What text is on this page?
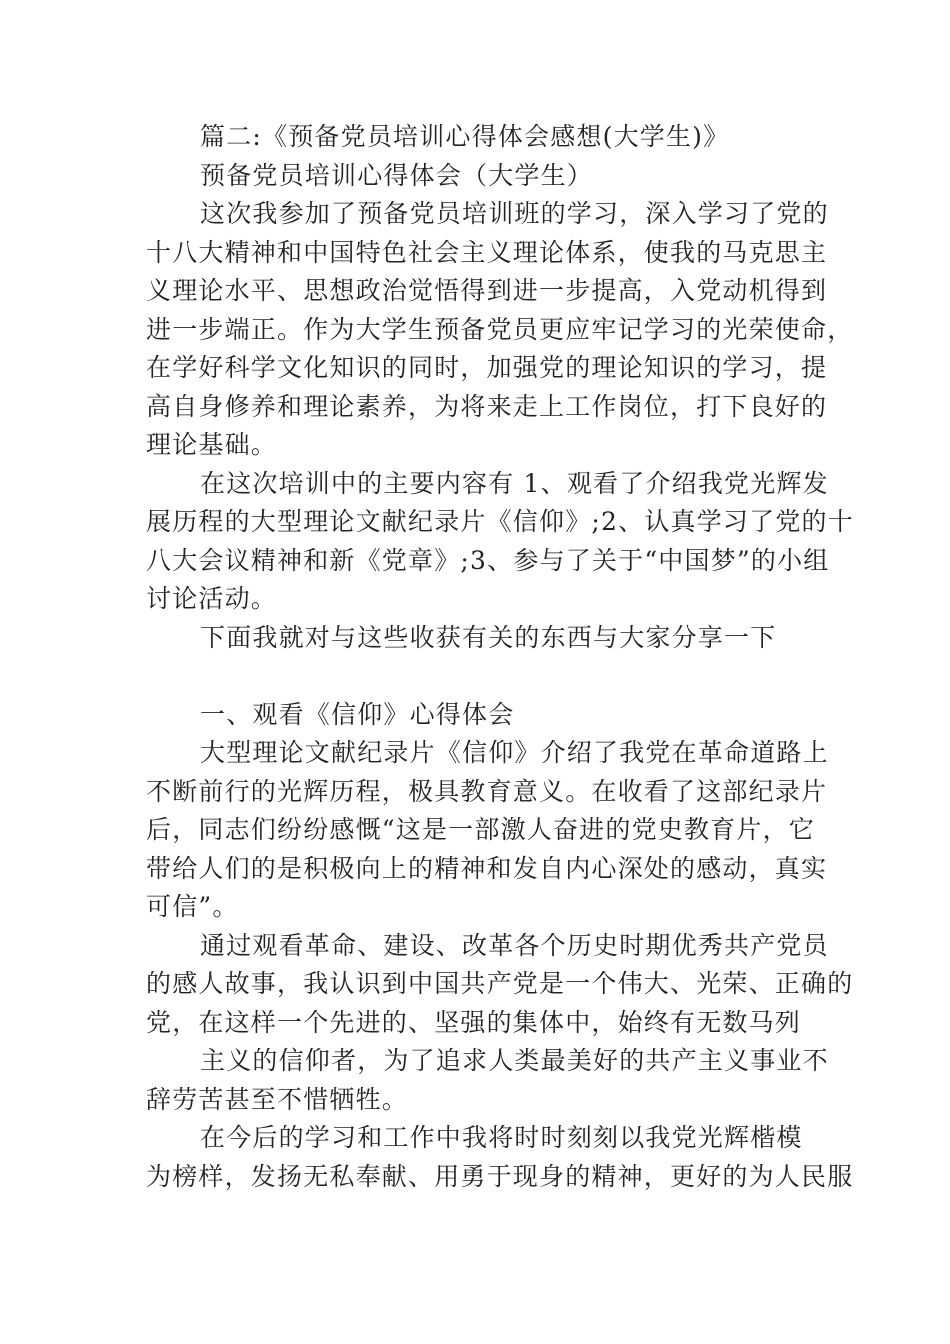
篇二:《预备党员培训心得体会感想(大学生)》
预备党员培训心得体会（大学生）
这次我参加了预备党员培训班的学习，深入学习了党的
十八大精神和中国特色社会主义理论体系，使我的马克思主
义理论水平、思想政治觉悟得到进一步提高，入党动机得到
进一步端正。作为大学生预备党员更应牢记学习的光荣使命，
在学好科学文化知识的同时，加强党的理论知识的学习，提
高自身修养和理论素养，为将来走上工作岗位，打下良好的
理论基础。
在这次培训中的主要内容有 1、观看了介绍我党光辉发
展历程的大型理论文献纪录片《信仰》;2、认真学习了党的十
八大会议精神和新《党章》;3、参与了关于“中国梦”的小组
讨论活动。
下面我就对与这些收获有关的东西与大家分享一下
一、观看《信仰》心得体会
大型理论文献纪录片《信仰》介绍了我党在革命道路上
不断前行的光辉历程，极具教育意义。在收看了这部纪录片
后，同志们纷纷感慨“这是一部激人奋进的党史教育片，它
带给人们的是积极向上的精神和发自内心深处的感动，真实
可信”。
通过观看革命、建设、改革各个历史时期优秀共产党员
的感人故事，我认识到中国共产党是一个伟大、光荣、正确的
党，在这样一个先进的、坚强的集体中，始终有无数马列
主义的信仰者，为了追求人类最美好的共产主义事业不
辞劳苦甚至不惜牺牲。
在今后的学习和工作中我将时时刻刻以我党光辉楷模
为榜样，发扬无私奉献、用勇于现身的精神，更好的为人民服
